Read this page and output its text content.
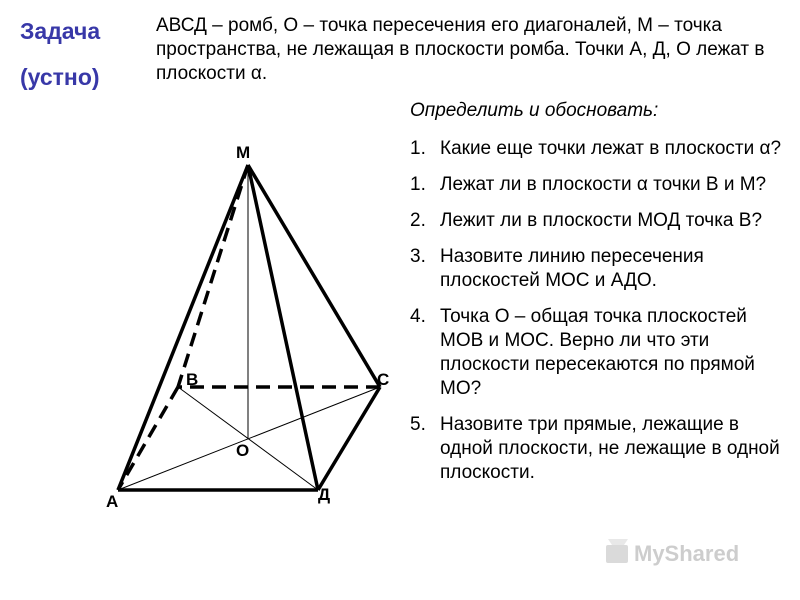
Задача
(устно)
АВСД – ромб, О – точка пересечения его диагоналей, М – точка пространства, не лежащая в плоскости ромба. Точки А, Д, О лежат в плоскости α.

Определить и обосновать:

1. Какие еще точки лежат в плоскости α?
1. Лежат ли в плоскости α точки В и М?
2. Лежит ли в плоскости МОД точка В?
3. Назовите линию пересечения плоскостей МОС и АДО.
4. Точка О – общая точка плоскостей МОВ и МОС. Верно ли что эти плоскости пересекаются по прямой МО?
5. Назовите три прямые, лежащие в одной плоскости, не лежащие в одной плоскости.
М
В	С
О
А	Д
MyShared
